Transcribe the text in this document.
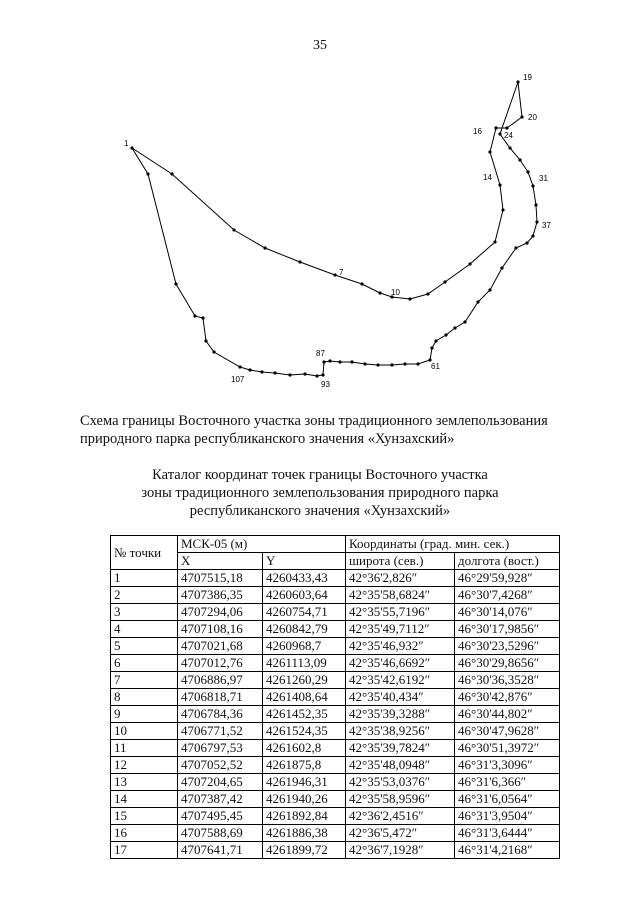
35
1
7
10
14
16
19
20
24
31
37
61
87
93
107
Схема границы Восточного участка зоны традиционного землепользования
природного парка республиканского значения «Хунзахский»
Каталог координат точек границы Восточного участка
зоны традиционного землепользования природного парка
республиканского значения «Хунзахский»
№ точки	МСК-05 (м)		Координаты (град. мин. сек.)	
	X	Y	широта (сев.)	долгота (вост.)
1	4707515,18	4260433,43	42°36'2,826″	46°29'59,928″
2	4707386,35	4260603,64	42°35'58,6824″	46°30'7,4268″
3	4707294,06	4260754,71	42°35'55,7196″	46°30'14,076″
4	4707108,16	4260842,79	42°35'49,7112″	46°30'17,9856″
5	4707021,68	4260968,7	42°35'46,932″	46°30'23,5296″
6	4707012,76	4261113,09	42°35'46,6692″	46°30'29,8656″
7	4706886,97	4261260,29	42°35'42,6192″	46°30'36,3528″
8	4706818,71	4261408,64	42°35'40,434″	46°30'42,876″
9	4706784,36	4261452,35	42°35'39,3288″	46°30'44,802″
10	4706771,52	4261524,35	42°35'38,9256″	46°30'47,9628″
11	4706797,53	4261602,8	42°35'39,7824″	46°30'51,3972″
12	4707052,52	4261875,8	42°35'48,0948″	46°31'3,3096″
13	4707204,65	4261946,31	42°35'53,0376″	46°31'6,366″
14	4707387,42	4261940,26	42°35'58,9596″	46°31'6,0564″
15	4707495,45	4261892,84	42°36'2,4516″	46°31'3,9504″
16	4707588,69	4261886,38	42°36'5,472″	46°31'3,6444″
17	4707641,71	4261899,72	42°36'7,1928″	46°31'4,2168″
